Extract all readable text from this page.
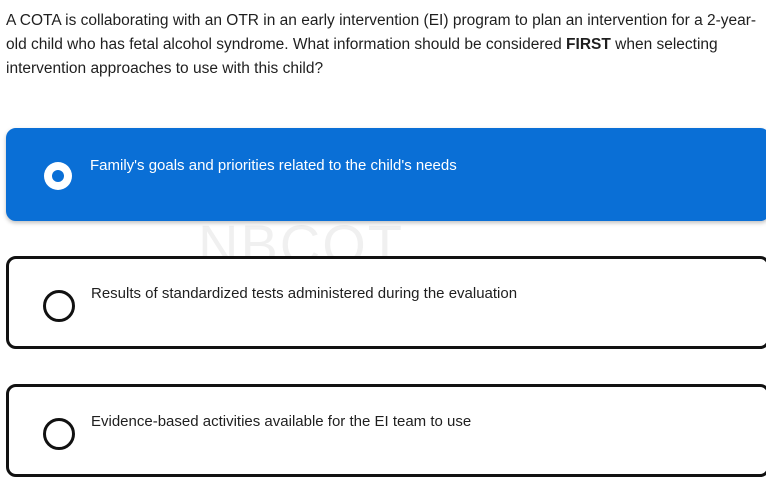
A COTA is collaborating with an OTR in an early intervention (EI) program to plan an intervention for a 2-year-old child who has fetal alcohol syndrome. What information should be considered FIRST when selecting intervention approaches to use with this child?
NBCOT
Family's goals and priorities related to the child's needs
Results of standardized tests administered during the evaluation
Evidence-based activities available for the EI team to use
